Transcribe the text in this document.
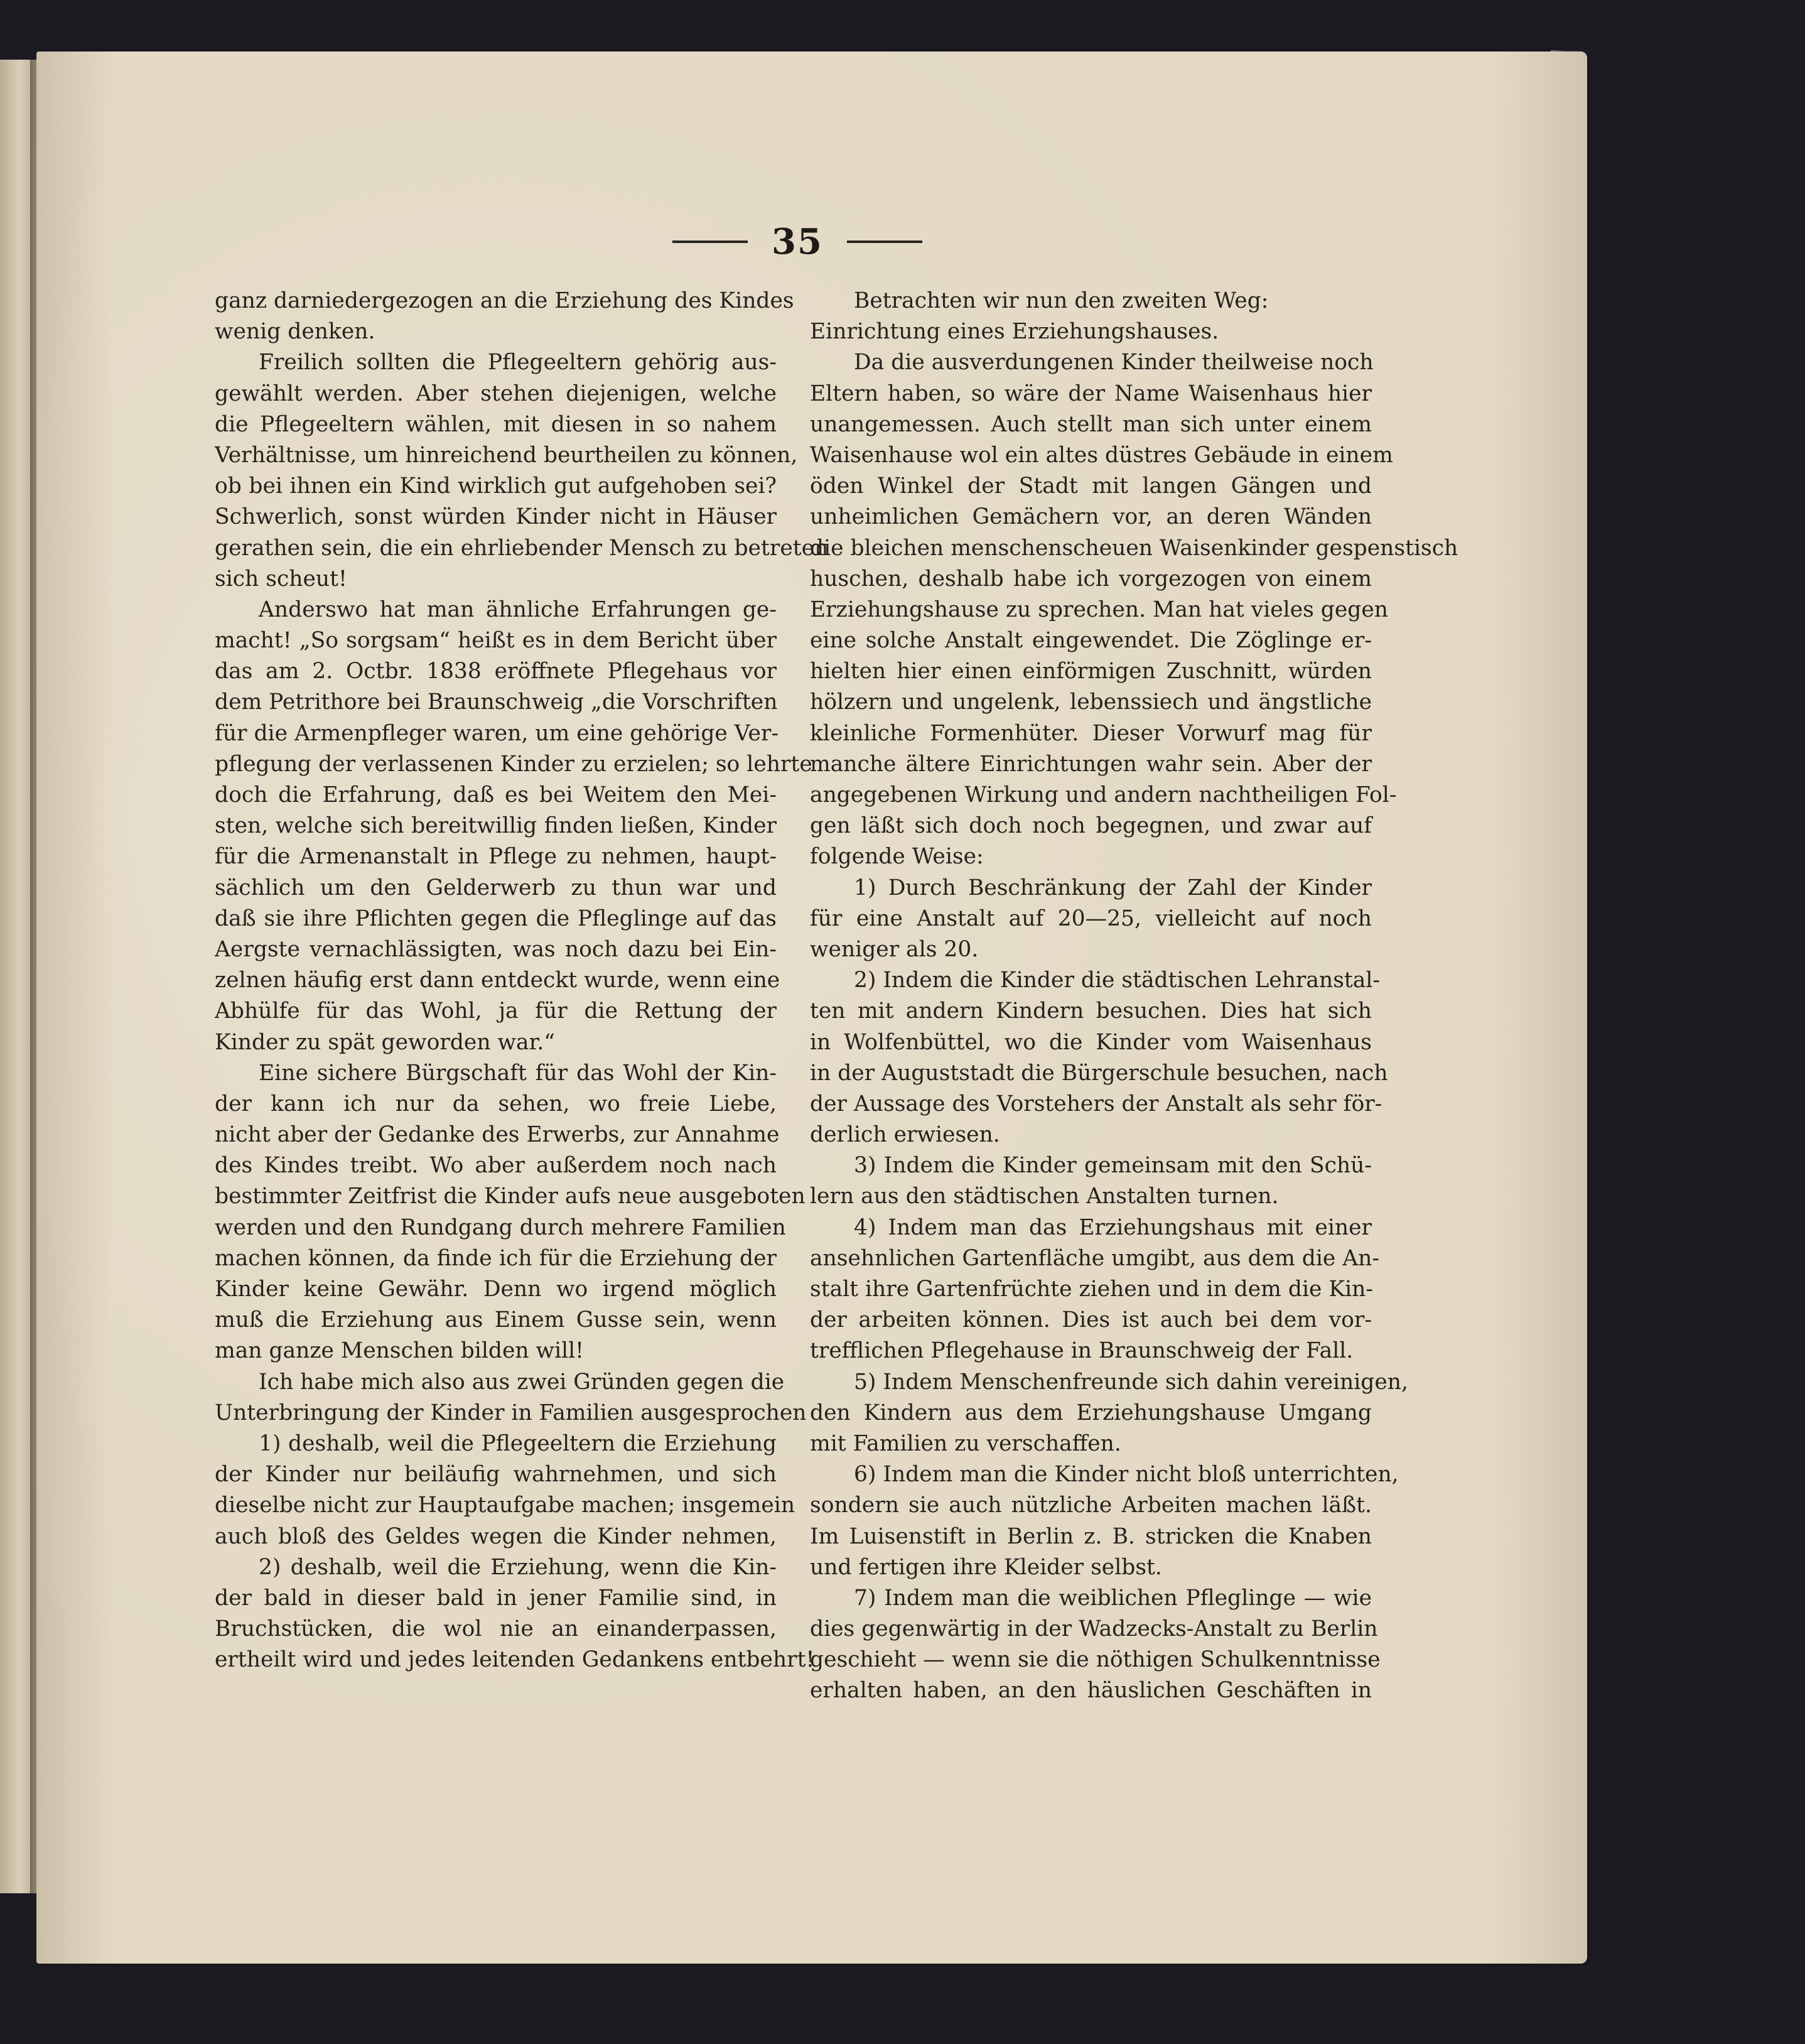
35
ganz darniedergezogen an die Erziehung des Kindes
wenig denken.
Freilich sollten die Pflegeeltern gehörig aus-
gewählt werden. Aber stehen diejenigen, welche
die Pflegeeltern wählen, mit diesen in so nahem
Verhältnisse, um hinreichend beurtheilen zu können,
ob bei ihnen ein Kind wirklich gut aufgehoben sei?
Schwerlich, sonst würden Kinder nicht in Häuser
gerathen sein, die ein ehrliebender Mensch zu betreten
sich scheut!
Anderswo hat man ähnliche Erfahrungen ge-
macht! „So sorgsam“ heißt es in dem Bericht über
das am 2. Octbr. 1838 eröffnete Pflegehaus vor
dem Petrithore bei Braunschweig „die Vorschriften
für die Armenpfleger waren, um eine gehörige Ver-
pflegung der verlassenen Kinder zu erzielen; so lehrte
doch die Erfahrung, daß es bei Weitem den Mei-
sten, welche sich bereitwillig finden ließen, Kinder
für die Armenanstalt in Pflege zu nehmen, haupt-
sächlich um den Gelderwerb zu thun war und
daß sie ihre Pflichten gegen die Pfleglinge auf das
Aergste vernachlässigten, was noch dazu bei Ein-
zelnen häufig erst dann entdeckt wurde, wenn eine
Abhülfe für das Wohl, ja für die Rettung der
Kinder zu spät geworden war.“
Eine sichere Bürgschaft für das Wohl der Kin-
der kann ich nur da sehen, wo freie Liebe,
nicht aber der Gedanke des Erwerbs, zur Annahme
des Kindes treibt. Wo aber außerdem noch nach
bestimmter Zeitfrist die Kinder aufs neue ausgeboten
werden und den Rundgang durch mehrere Familien
machen können, da finde ich für die Erziehung der
Kinder keine Gewähr. Denn wo irgend möglich
muß die Erziehung aus Einem Gusse sein, wenn
man ganze Menschen bilden will!
Ich habe mich also aus zwei Gründen gegen die
Unterbringung der Kinder in Familien ausgesprochen
1) deshalb, weil die Pflegeeltern die Erziehung
der Kinder nur beiläufig wahrnehmen, und sich
dieselbe nicht zur Hauptaufgabe machen; insgemein
auch bloß des Geldes wegen die Kinder nehmen,
2) deshalb, weil die Erziehung, wenn die Kin-
der bald in dieser bald in jener Familie sind, in
Bruchstücken, die wol nie an einanderpassen,
ertheilt wird und jedes leitenden Gedankens entbehrt!
Betrachten wir nun den zweiten Weg:
Einrichtung eines Erziehungshauses.
Da die ausverdungenen Kinder theilweise noch
Eltern haben, so wäre der Name Waisenhaus hier
unangemessen. Auch stellt man sich unter einem
Waisenhause wol ein altes düstres Gebäude in einem
öden Winkel der Stadt mit langen Gängen und
unheimlichen Gemächern vor, an deren Wänden
die bleichen menschenscheuen Waisenkinder gespenstisch
huschen, deshalb habe ich vorgezogen von einem
Erziehungshause zu sprechen. Man hat vieles gegen
eine solche Anstalt eingewendet. Die Zöglinge er-
hielten hier einen einförmigen Zuschnitt, würden
hölzern und ungelenk, lebenssiech und ängstliche
kleinliche Formenhüter. Dieser Vorwurf mag für
manche ältere Einrichtungen wahr sein. Aber der
angegebenen Wirkung und andern nachtheiligen Fol-
gen läßt sich doch noch begegnen, und zwar auf
folgende Weise:
1) Durch Beschränkung der Zahl der Kinder
für eine Anstalt auf 20—25, vielleicht auf noch
weniger als 20.
2) Indem die Kinder die städtischen Lehranstal-
ten mit andern Kindern besuchen. Dies hat sich
in Wolfenbüttel, wo die Kinder vom Waisenhaus
in der Auguststadt die Bürgerschule besuchen, nach
der Aussage des Vorstehers der Anstalt als sehr för-
derlich erwiesen.
3) Indem die Kinder gemeinsam mit den Schü-
lern aus den städtischen Anstalten turnen.
4) Indem man das Erziehungshaus mit einer
ansehnlichen Gartenfläche umgibt, aus dem die An-
stalt ihre Gartenfrüchte ziehen und in dem die Kin-
der arbeiten können. Dies ist auch bei dem vor-
trefflichen Pflegehause in Braunschweig der Fall.
5) Indem Menschenfreunde sich dahin vereinigen,
den Kindern aus dem Erziehungshause Umgang
mit Familien zu verschaffen.
6) Indem man die Kinder nicht bloß unterrichten,
sondern sie auch nützliche Arbeiten machen läßt.
Im Luisenstift in Berlin z. B. stricken die Knaben
und fertigen ihre Kleider selbst.
7) Indem man die weiblichen Pfleglinge — wie
dies gegenwärtig in der Wadzecks-Anstalt zu Berlin
geschieht — wenn sie die nöthigen Schulkenntnisse
erhalten haben, an den häuslichen Geschäften in
